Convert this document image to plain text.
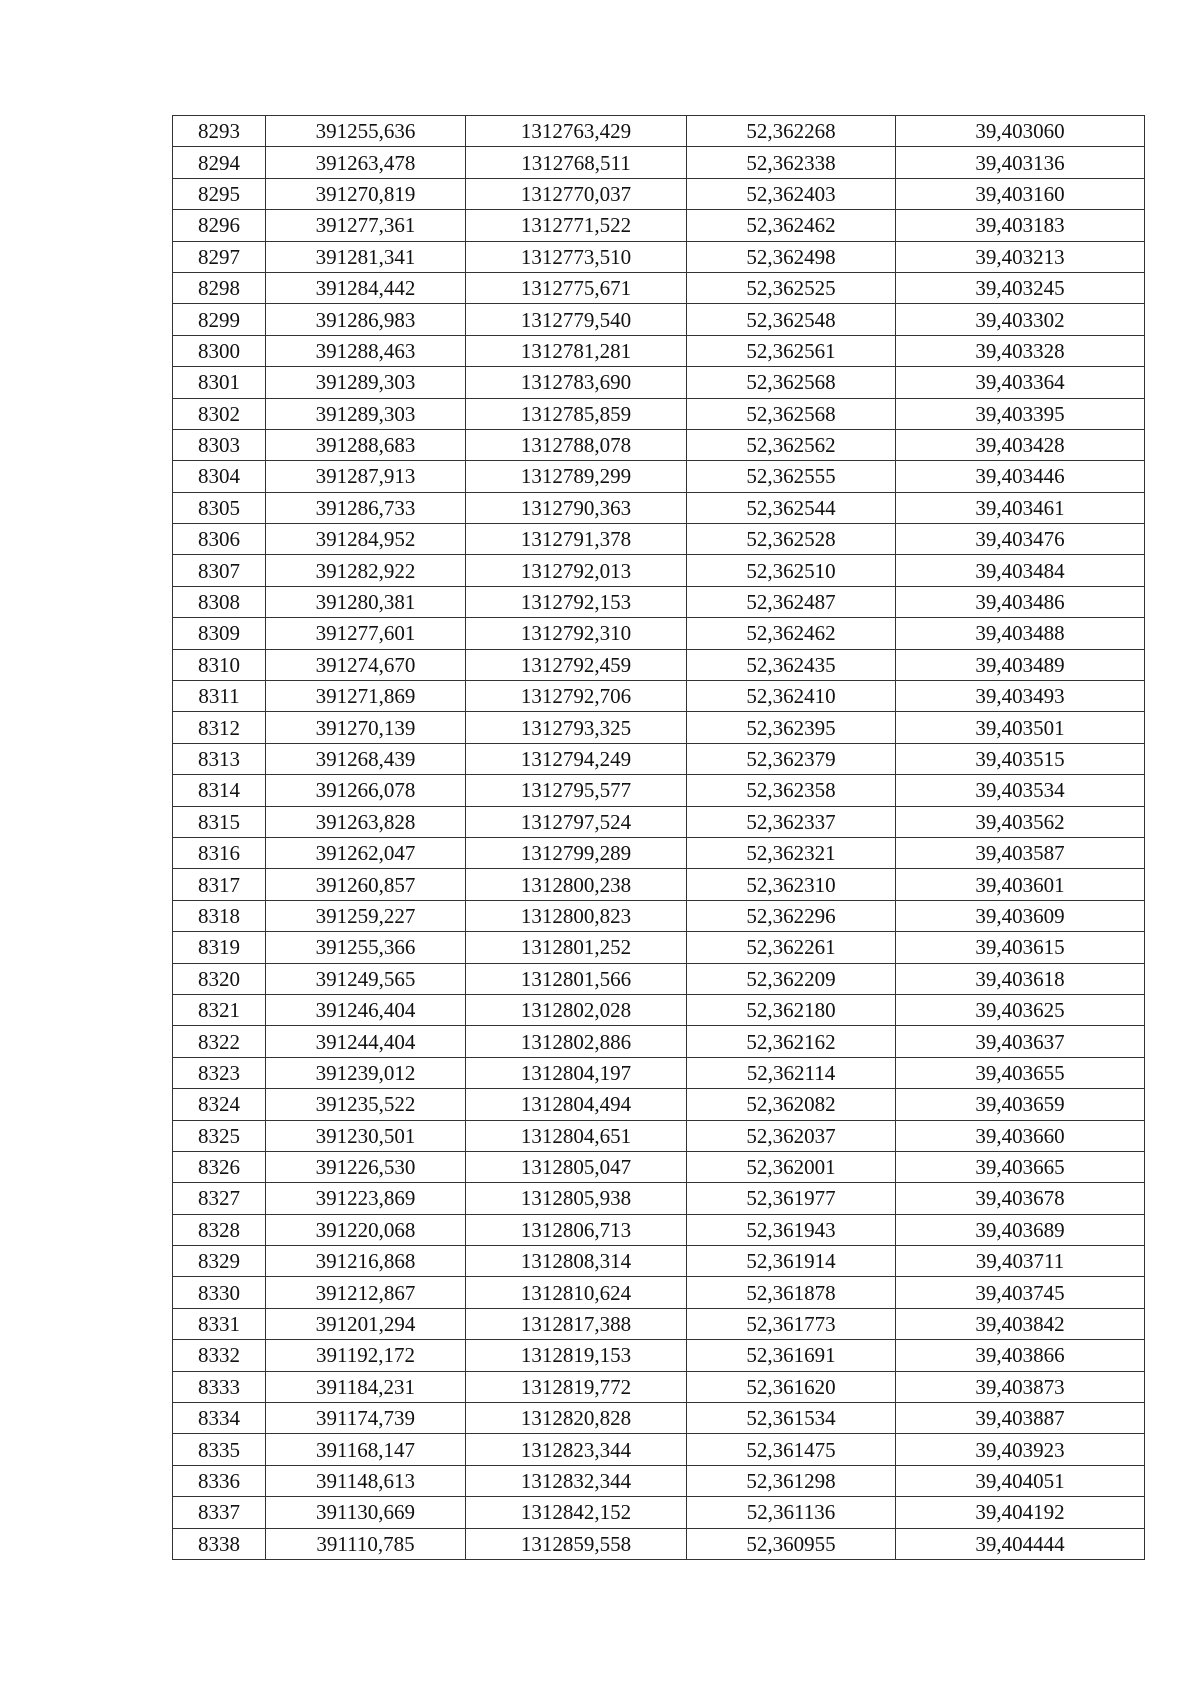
8293	391255,636	1312763,429	52,362268	39,403060
8294	391263,478	1312768,511	52,362338	39,403136
8295	391270,819	1312770,037	52,362403	39,403160
8296	391277,361	1312771,522	52,362462	39,403183
8297	391281,341	1312773,510	52,362498	39,403213
8298	391284,442	1312775,671	52,362525	39,403245
8299	391286,983	1312779,540	52,362548	39,403302
8300	391288,463	1312781,281	52,362561	39,403328
8301	391289,303	1312783,690	52,362568	39,403364
8302	391289,303	1312785,859	52,362568	39,403395
8303	391288,683	1312788,078	52,362562	39,403428
8304	391287,913	1312789,299	52,362555	39,403446
8305	391286,733	1312790,363	52,362544	39,403461
8306	391284,952	1312791,378	52,362528	39,403476
8307	391282,922	1312792,013	52,362510	39,403484
8308	391280,381	1312792,153	52,362487	39,403486
8309	391277,601	1312792,310	52,362462	39,403488
8310	391274,670	1312792,459	52,362435	39,403489
8311	391271,869	1312792,706	52,362410	39,403493
8312	391270,139	1312793,325	52,362395	39,403501
8313	391268,439	1312794,249	52,362379	39,403515
8314	391266,078	1312795,577	52,362358	39,403534
8315	391263,828	1312797,524	52,362337	39,403562
8316	391262,047	1312799,289	52,362321	39,403587
8317	391260,857	1312800,238	52,362310	39,403601
8318	391259,227	1312800,823	52,362296	39,403609
8319	391255,366	1312801,252	52,362261	39,403615
8320	391249,565	1312801,566	52,362209	39,403618
8321	391246,404	1312802,028	52,362180	39,403625
8322	391244,404	1312802,886	52,362162	39,403637
8323	391239,012	1312804,197	52,362114	39,403655
8324	391235,522	1312804,494	52,362082	39,403659
8325	391230,501	1312804,651	52,362037	39,403660
8326	391226,530	1312805,047	52,362001	39,403665
8327	391223,869	1312805,938	52,361977	39,403678
8328	391220,068	1312806,713	52,361943	39,403689
8329	391216,868	1312808,314	52,361914	39,403711
8330	391212,867	1312810,624	52,361878	39,403745
8331	391201,294	1312817,388	52,361773	39,403842
8332	391192,172	1312819,153	52,361691	39,403866
8333	391184,231	1312819,772	52,361620	39,403873
8334	391174,739	1312820,828	52,361534	39,403887
8335	391168,147	1312823,344	52,361475	39,403923
8336	391148,613	1312832,344	52,361298	39,404051
8337	391130,669	1312842,152	52,361136	39,404192
8338	391110,785	1312859,558	52,360955	39,404444
